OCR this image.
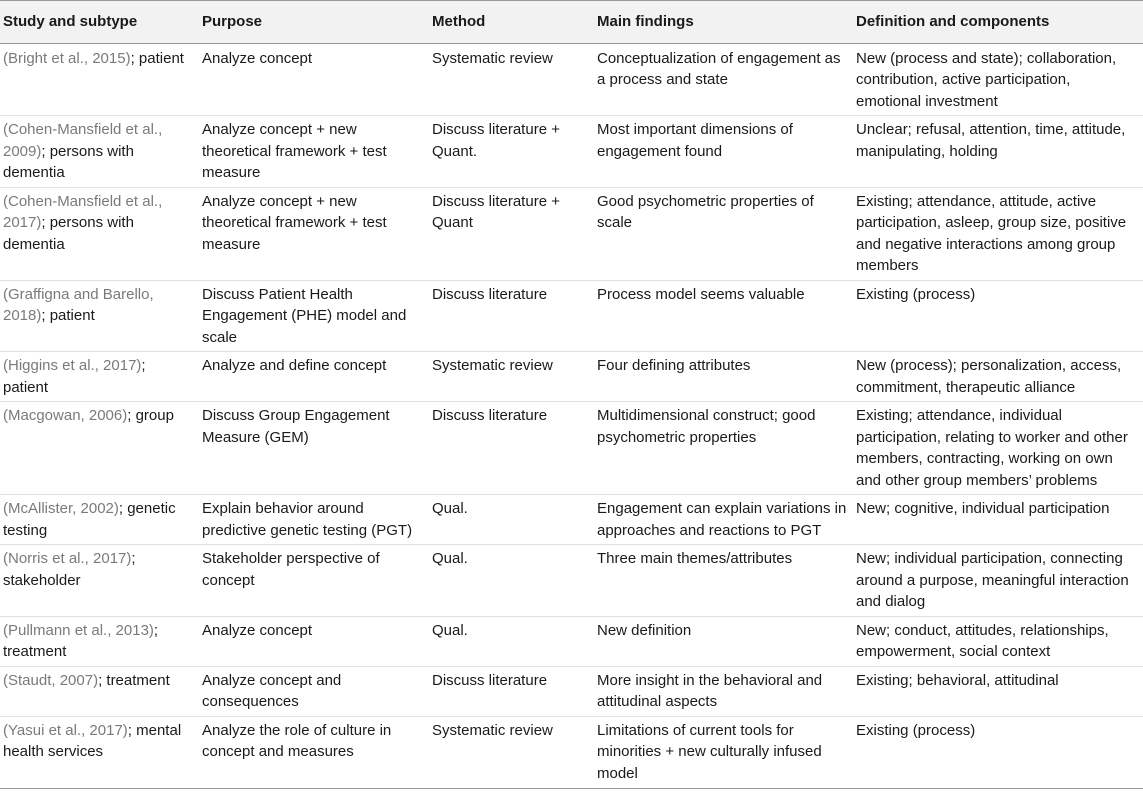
Study and subtype	Purpose	Method	Main findings	Definition and components
(Bright et al., 2015); patient	Analyze concept	Systematic review	Conceptualization of engagement as a process and state	New (process and state); collaboration, contribution, active participation, emotional investment
(Cohen-Mansfield et al., 2009); persons with dementia	Analyze concept + new theoretical framework + test measure	Discuss literature + Quant.	Most important dimensions of engagement found	Unclear; refusal, attention, time, attitude, manipulating, holding
(Cohen-Mansfield et al., 2017); persons with dementia	Analyze concept + new theoretical framework + test measure	Discuss literature + Quant	Good psychometric properties of scale	Existing; attendance, attitude, active participation, asleep, group size, positive and negative interactions among group members
(Graffigna and Barello, 2018); patient	Discuss Patient Health Engagement (PHE) model and scale	Discuss literature	Process model seems valuable	Existing (process)
(Higgins et al., 2017); patient	Analyze and define concept	Systematic review	Four defining attributes	New (process); personalization, access, commitment, therapeutic alliance
(Macgowan, 2006); group	Discuss Group Engagement Measure (GEM)	Discuss literature	Multidimensional construct; good psychometric properties	Existing; attendance, individual participation, relating to worker and other members, contracting, working on own and other group members’ problems
(McAllister, 2002); genetic testing	Explain behavior around predictive genetic testing (PGT)	Qual.	Engagement can explain variations in approaches and reactions to PGT	New; cognitive, individual participation
(Norris et al., 2017); stakeholder	Stakeholder perspective of concept	Qual.	Three main themes/attributes	New; individual participation, connecting around a purpose, meaningful interaction and dialog
(Pullmann et al., 2013); treatment	Analyze concept	Qual.	New definition	New; conduct, attitudes, relationships, empowerment, social context
(Staudt, 2007); treatment	Analyze concept and consequences	Discuss literature	More insight in the behavioral and attitudinal aspects	Existing; behavioral, attitudinal
(Yasui et al., 2017); mental health services	Analyze the role of culture in concept and measures	Systematic review	Limitations of current tools for minorities + new culturally infused model	Existing (process)
